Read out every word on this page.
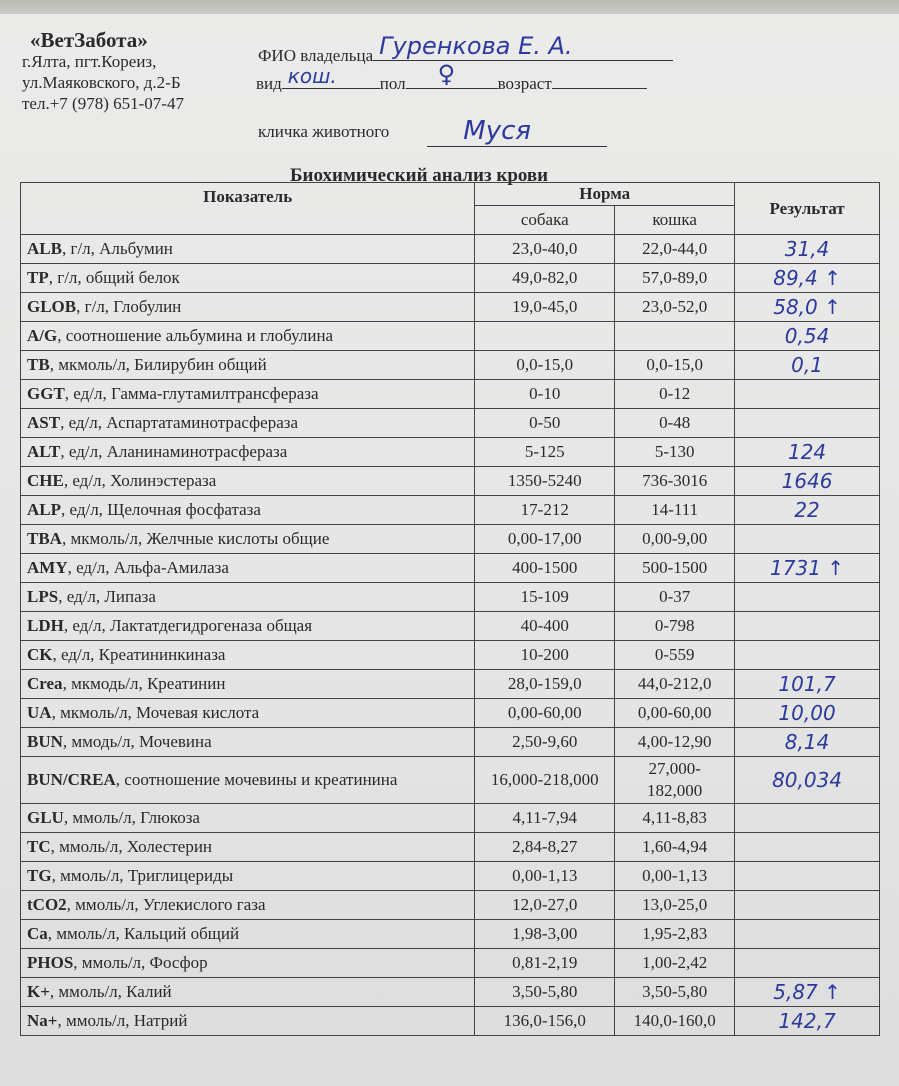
«ВетЗабота»
г.Ялта, пгт.Кореиз,
ул.Маяковского, д.2-Б
тел.+7 (978) 651-07-47
ФИО владельца Гуренкова Е. А.
вид кош.	пол ♀ возраст
кличка животного	Муся
Биохимический анализ крови
Показатель	Норма		Результат
	собака	кошка	
ALB, г/л, Альбумин	23,0-40,0	22,0-44,0	31,4
TP, г/л, общий белок	49,0-82,0	57,0-89,0	89,4 ↑
GLOB, г/л, Глобулин	19,0-45,0	23,0-52,0	58,0 ↑
A/G, соотношение альбумина и глобулина			0,54
TB, мкмоль/л, Билирубин общий	0,0-15,0	0,0-15,0	0,1
GGT, ед/л, Гамма-глутамилтрансфераза	0-10	0-12	
AST, ед/л, Аспартатаминотрасфераза	0-50	0-48	
ALT, ед/л, Аланинаминотрасфераза	5-125	5-130	124
CHE, ед/л, Холинэстераза	1350-5240	736-3016	1646
ALP, ед/л, Щелочная фосфатаза	17-212	14-111	22
TBA, мкмоль/л, Желчные кислоты общие	0,00-17,00	0,00-9,00	
AMY, ед/л, Альфа-Амилаза	400-1500	500-1500	1731 ↑
LPS, ед/л, Липаза	15-109	0-37	
LDH, ед/л, Лактатдегидрогеназа общая	40-400	0-798	
CK, ед/л, Креатининкиназа	10-200	0-559	
Crea, мкмодь/л, Креатинин	28,0-159,0	44,0-212,0	101,7
UA, мкмоль/л, Мочевая кислота	0,00-60,00	0,00-60,00	10,00
BUN, ммодь/л, Мочевина	2,50-9,60	4,00-12,90	8,14
BUN/CREA, соотношение мочевины и креатинина	16,000-218,000	27,000-182,000	80,034
GLU, ммоль/л, Глюкоза	4,11-7,94	4,11-8,83	
TC, ммоль/л, Холестерин	2,84-8,27	1,60-4,94	
TG, ммоль/л, Триглицериды	0,00-1,13	0,00-1,13	
tCO2, ммоль/л, Углекислого газа	12,0-27,0	13,0-25,0	
Ca, ммоль/л, Кальций общий	1,98-3,00	1,95-2,83	
PHOS, ммоль/л, Фосфор	0,81-2,19	1,00-2,42	
K+, ммоль/л, Калий	3,50-5,80	3,50-5,80	5,87 ↑
Na+, ммоль/л, Натрий	136,0-156,0	140,0-160,0	142,7
